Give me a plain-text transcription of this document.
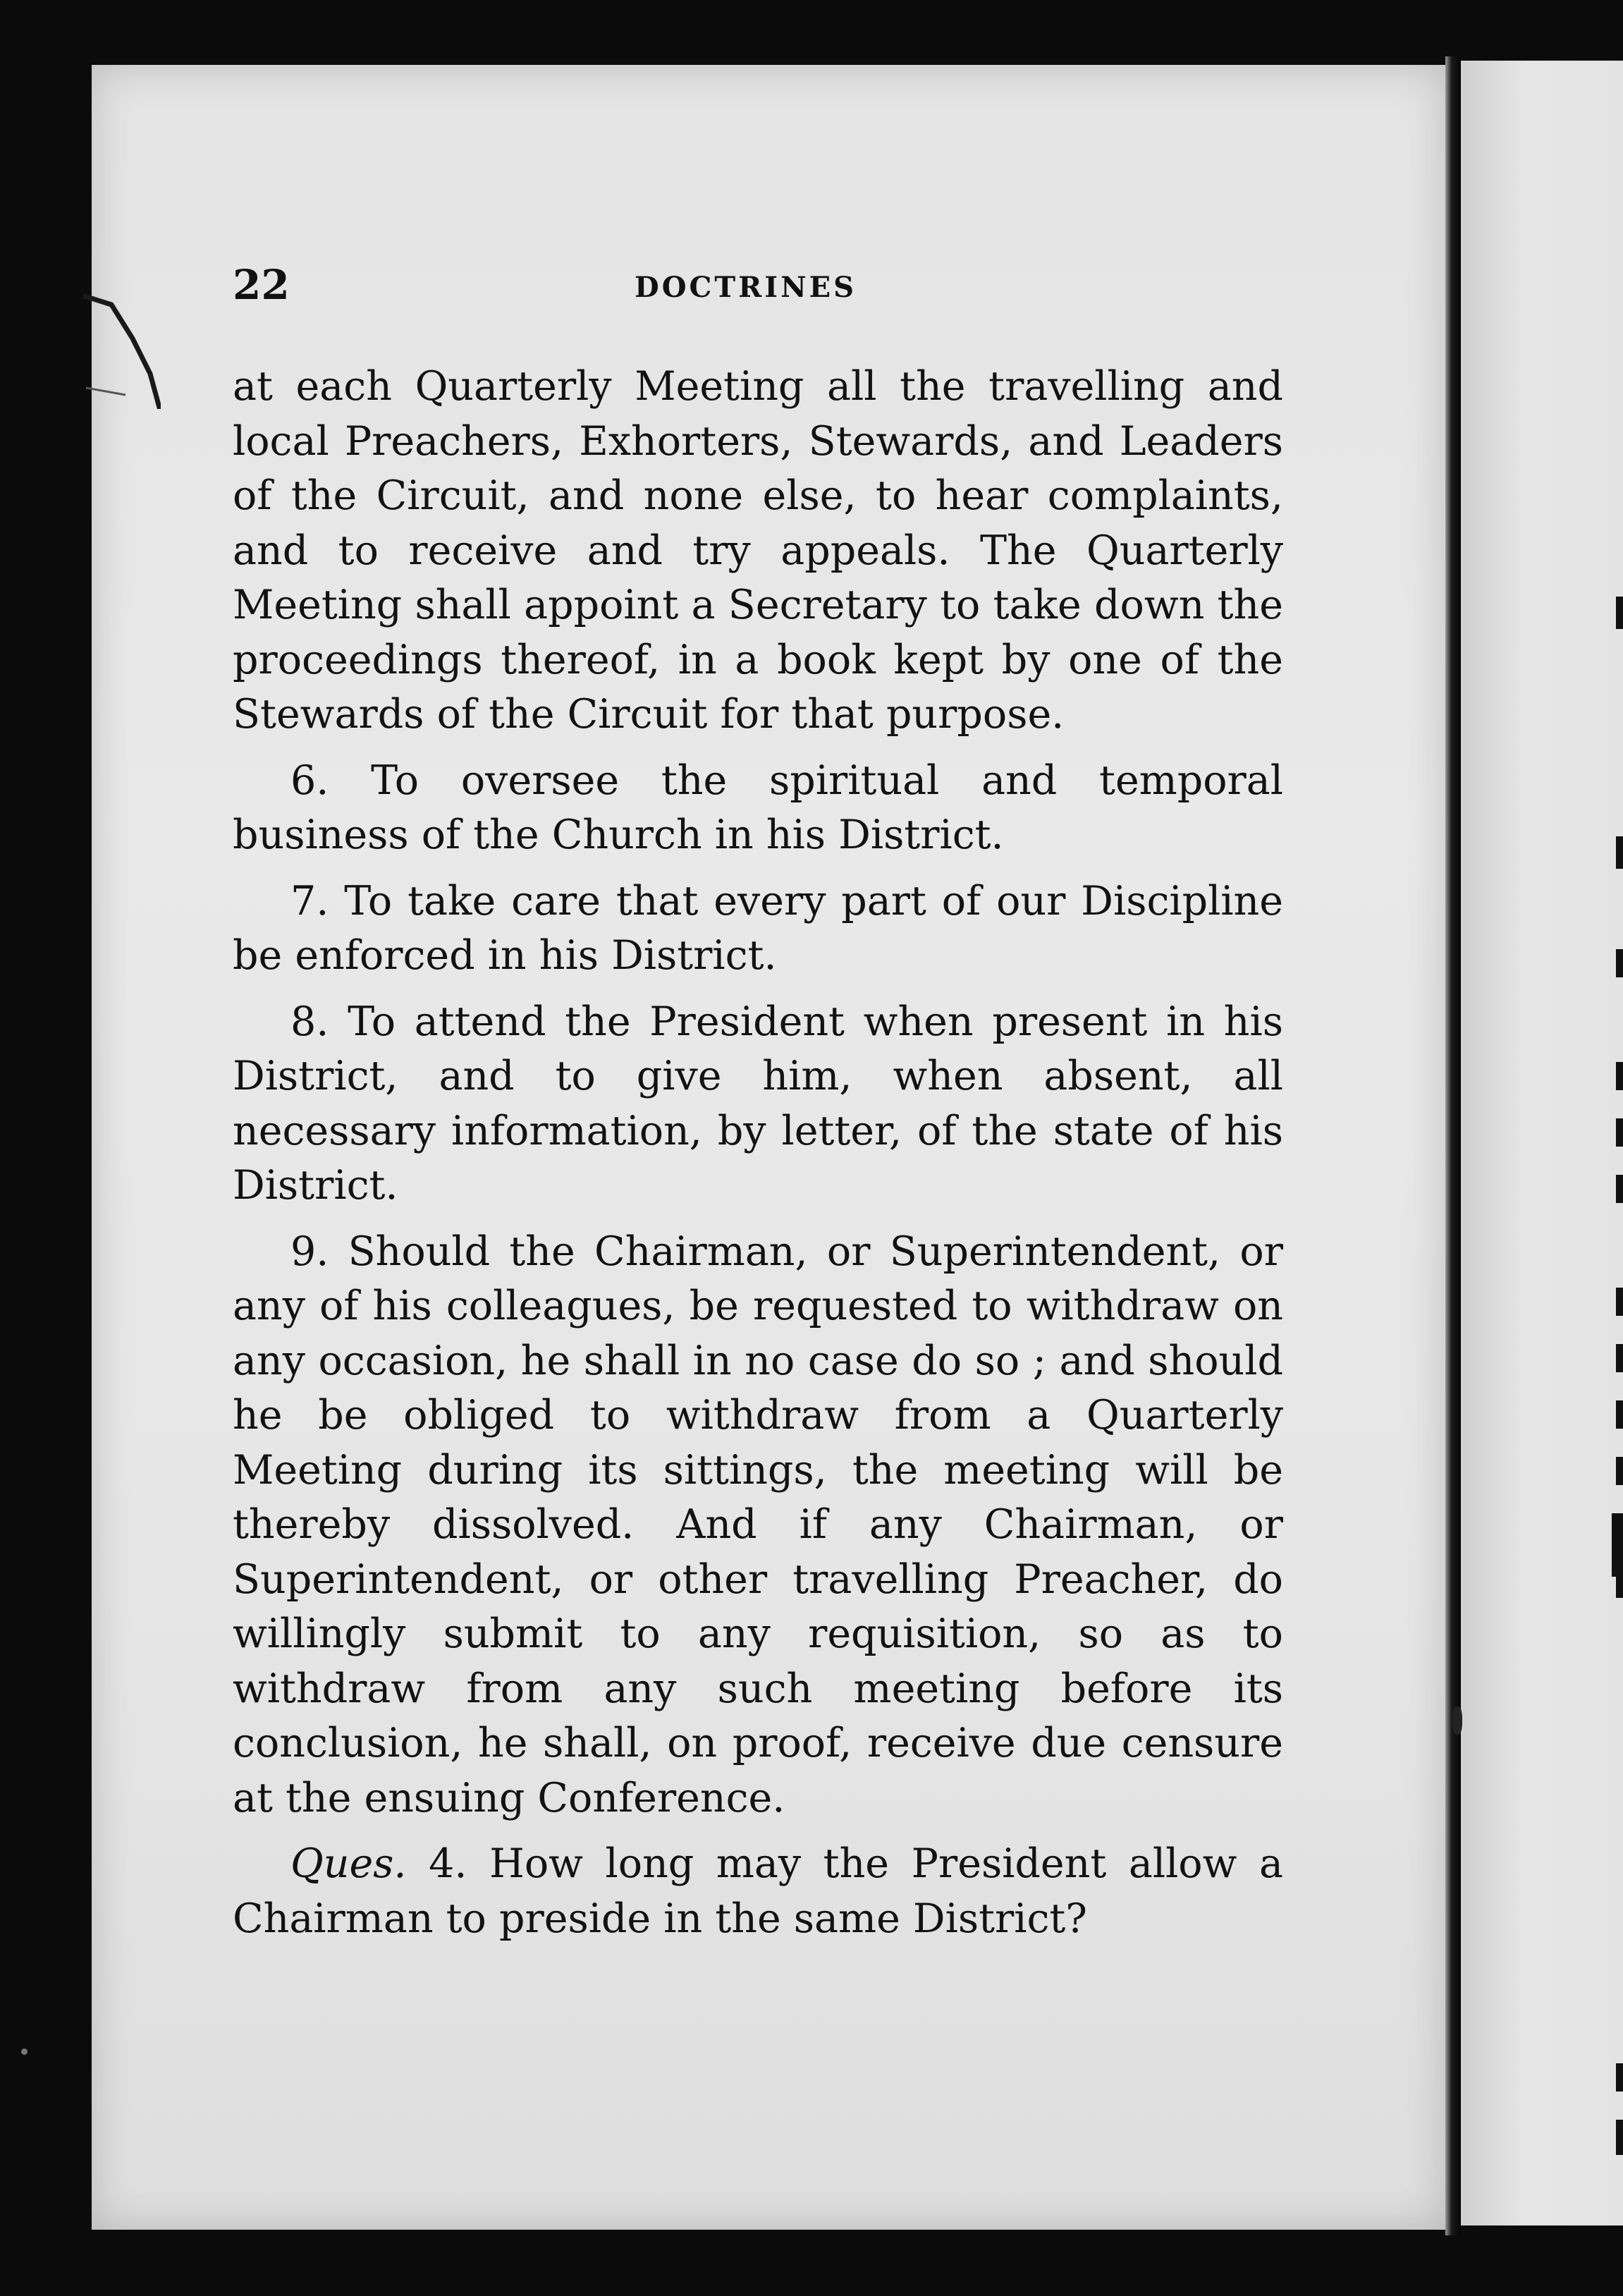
22	DOCTRINES

at each Quarterly Meeting all the travelling and local Preachers, Exhorters, Stewards, and Leaders of the Circuit, and none else, to hear complaints, and to receive and try appeals. The Quarterly Meeting shall appoint a Secretary to take down the proceedings thereof, in a book kept by one of the Stewards of the Circuit for that purpose.

6. To oversee the spiritual and temporal business of the Church in his District.

7. To take care that every part of our Discipline be enforced in his District.

8. To attend the President when present in his District, and to give him, when absent, all necessary information, by letter, of the state of his District.

9. Should the Chairman, or Superintendent, or any of his colleagues, be requested to withdraw on any occasion, he shall in no case do so ; and should he be obliged to withdraw from a Quarterly Meeting during its sittings, the meeting will be thereby dissolved. And if any Chairman, or Superintendent, or other travelling Preacher, do willingly submit to any requisition, so as to withdraw from any such meeting before its conclusion, he shall, on proof, receive due censure at the ensuing Conference.

Ques. 4. How long may the President allow a Chairman to preside in the same District?
